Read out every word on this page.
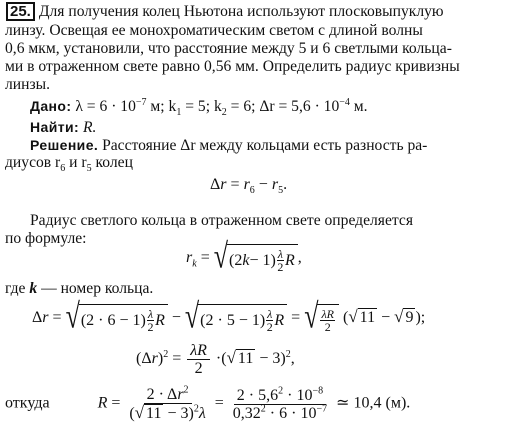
25. Для получения колец Ньютона используют плосковыпуклую
линзу. Освещая ее монохроматическим светом с длиной волны
0,6 мкм, установили, что расстояние между 5 и 6 светлыми кольца-
ми в отраженном свете равно 0,56 мм. Определить радиус кривизны
линзы.
Дано: $\lambda = 6 \cdot 10^{-7}$ м; $k_1 = 5$; $k_2 = 6$; $\Delta r = 5,6 \cdot 10^{-4}$ м.
Найти: R.
Решение. Расстояние Δr между кольцами есть разность ра-
диусов $r_6$ и $r_5$ колец
$\Delta r = r_6 - r_5$.
Радиус светлого кольца в отраженном свете определяется
по формуле:
$r_k$ = √ (2 k − 1) λ
2 R ,
где k — номер кольца.
Δr = √ (2 · 6 − 1) λ
2 R − √ (2 · 5 − 1) λ
2 R = √ λR
2
( √ 11 − √ 9 );
$(\Delta r)^2 = \frac{\lambda R}{2}$ ·( √ 11 − 3)$^2$,
откуда	$R = \frac{2 \cdot \Delta r^2}{( √ 11 - 3)^2\lambda} = \frac{2 \cdot 5,6^2 \cdot 10^{-8}}{0,32^2 \cdot 6 \cdot 10^{-7}}$ ≃ 10,4 (м).
